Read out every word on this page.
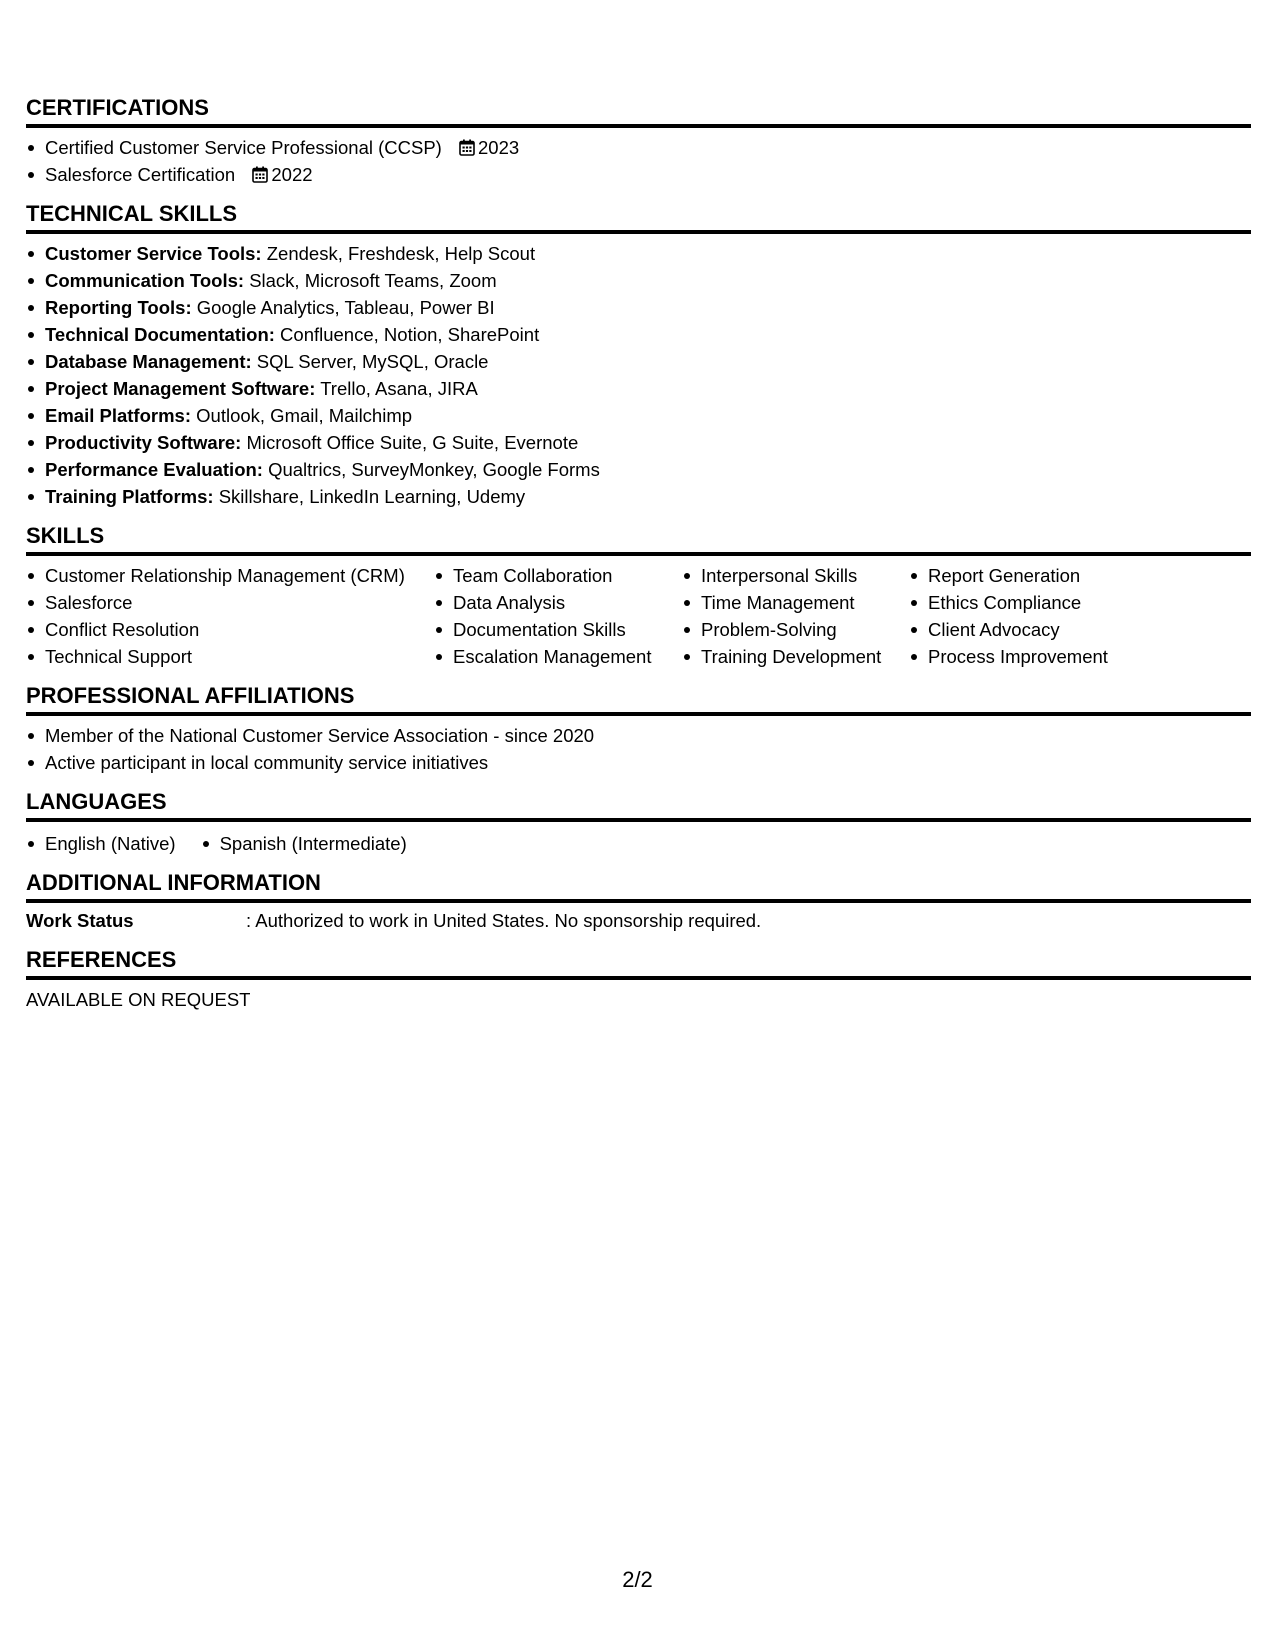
CERTIFICATIONS
Certified Customer Service Professional (CCSP) 2023
Salesforce Certification 2022
TECHNICAL SKILLS
Customer Service Tools: Zendesk, Freshdesk, Help Scout
Communication Tools: Slack, Microsoft Teams, Zoom
Reporting Tools: Google Analytics, Tableau, Power BI
Technical Documentation: Confluence, Notion, SharePoint
Database Management: SQL Server, MySQL, Oracle
Project Management Software: Trello, Asana, JIRA
Email Platforms: Outlook, Gmail, Mailchimp
Productivity Software: Microsoft Office Suite, G Suite, Evernote
Performance Evaluation: Qualtrics, SurveyMonkey, Google Forms
Training Platforms: Skillshare, LinkedIn Learning, Udemy
SKILLS
Customer Relationship Management (CRM)
Salesforce
Conflict Resolution
Technical Support
Team Collaboration
Data Analysis
Documentation Skills
Escalation Management
Interpersonal Skills
Time Management
Problem-Solving
Training Development
Report Generation
Ethics Compliance
Client Advocacy
Process Improvement
PROFESSIONAL AFFILIATIONS
Member of the National Customer Service Association - since 2020
Active participant in local community service initiatives
LANGUAGES
English (Native)	Spanish (Intermediate)
ADDITIONAL INFORMATION
Work Status	: Authorized to work in United States. No sponsorship required.
REFERENCES
AVAILABLE ON REQUEST
2/2
